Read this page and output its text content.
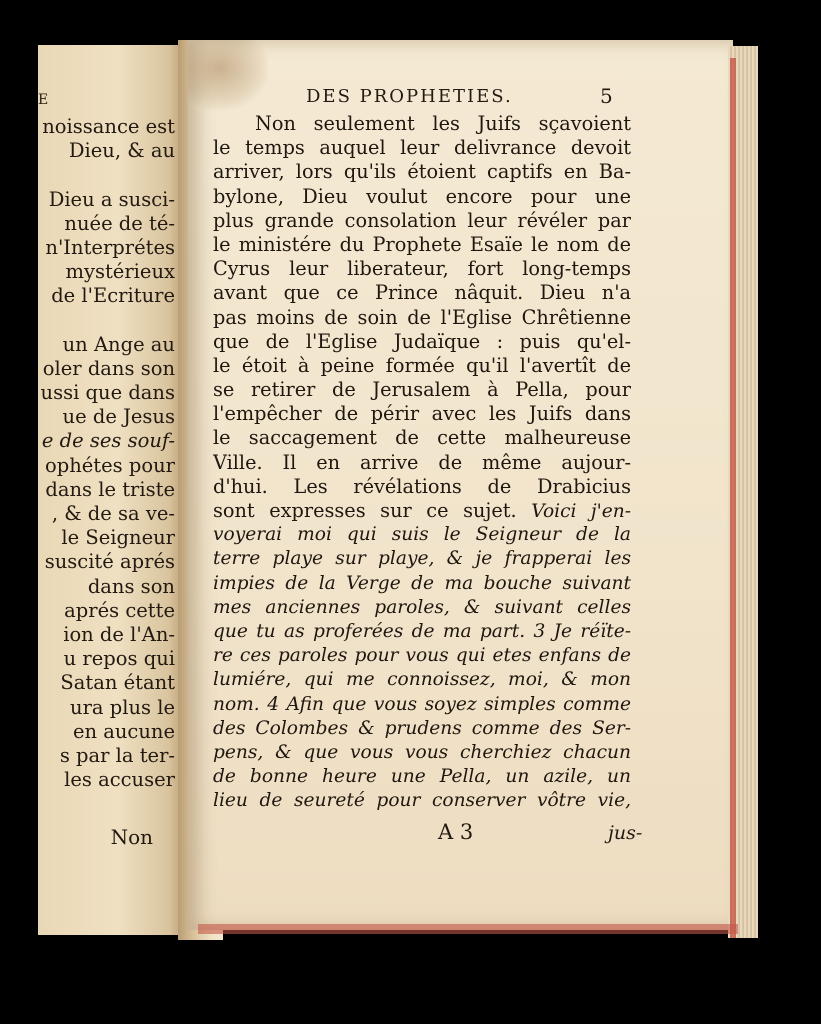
E
noissance est
Dieu, & au
Dieu a susci-
nuée de té-
n'Interprétes
mystérieux
de l'Ecriture
un Ange au
oler dans son
ussi que dans
ue de Jesus
e de ses souf-
ophétes pour
dans le triste
, & de sa ve-
le Seigneur
suscité aprés
dans son
aprés cette
ion de l'An-
u repos qui
Satan étant
ura plus le
en aucune
s par la ter-
les accuser
Non
DES PROPHETIES.	5
Non seulement les Juifs sçavoient
le temps auquel leur delivrance devoit
arriver, lors qu'ils étoient captifs en Ba-
bylone, Dieu voulut encore pour une
plus grande consolation leur révéler par
le ministére du Prophete Esaïe le nom de
Cyrus leur liberateur, fort long-temps
avant que ce Prince nâquit. Dieu n'a
pas moins de soin de l'Eglise Chrêtienne
que de l'Eglise Judaïque : puis qu'el-
le étoit à peine formée qu'il l'avertît de
se retirer de Jerusalem à Pella, pour
l'empêcher de périr avec les Juifs dans
le saccagement de cette malheureuse
Ville. Il en arrive de même aujour-
d'hui. Les révélations de Drabicius
sont expresses sur ce sujet. Voici j'en-
voyerai moi qui suis le Seigneur de la
terre playe sur playe, & je frapperai les
impies de la Verge de ma bouche suivant
mes anciennes paroles, & suivant celles
que tu as proferées de ma part. 3 Je réïte-
re ces paroles pour vous qui etes enfans de
lumiére, qui me connoissez, moi, & mon
nom. 4 Afin que vous soyez simples comme
des Colombes & prudens comme des Ser-
pens, & que vous vous cherchiez chacun
de bonne heure une Pella, un azile, un
lieu de seureté pour conserver vôtre vie,
A 3	jus-
